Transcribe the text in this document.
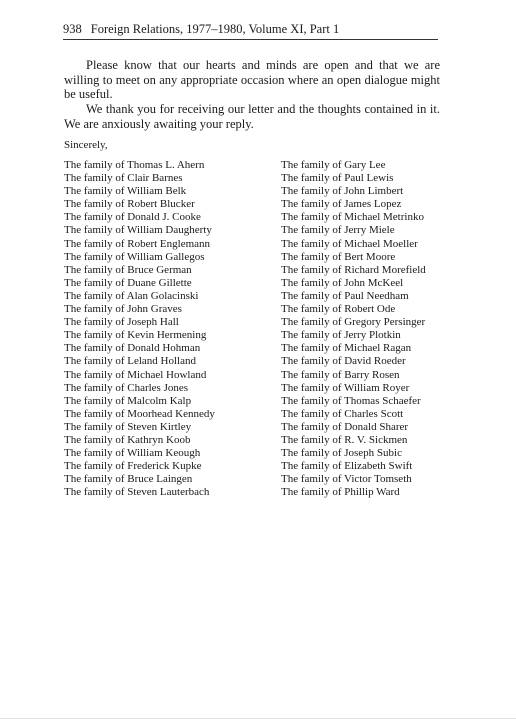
938 Foreign Relations, 1977–1980, Volume XI, Part 1

Please know that our hearts and minds are open and that we are willing to meet on any appropriate occasion where an open dialogue might be useful.

We thank you for receiving our letter and the thoughts contained in it. We are anxiously awaiting your reply.

Sincerely,
The family of Thomas L. Ahern
The family of Clair Barnes
The family of William Belk
The family of Robert Blucker
The family of Donald J. Cooke
The family of William Daugherty
The family of Robert Englemann
The family of William Gallegos
The family of Bruce German
The family of Duane Gillette
The family of Alan Golacinski
The family of John Graves
The family of Joseph Hall
The family of Kevin Hermening
The family of Donald Hohman
The family of Leland Holland
The family of Michael Howland
The family of Charles Jones
The family of Malcolm Kalp
The family of Moorhead Kennedy
The family of Steven Kirtley
The family of Kathryn Koob
The family of William Keough
The family of Frederick Kupke
The family of Bruce Laingen
The family of Steven Lauterbach
The family of Gary Lee
The family of Paul Lewis
The family of John Limbert
The family of James Lopez
The family of Michael Metrinko
The family of Jerry Miele
The family of Michael Moeller
The family of Bert Moore
The family of Richard Morefield
The family of John McKeel
The family of Paul Needham
The family of Robert Ode
The family of Gregory Persinger
The family of Jerry Plotkin
The family of Michael Ragan
The family of David Roeder
The family of Barry Rosen
The family of William Royer
The family of Thomas Schaefer
The family of Charles Scott
The family of Donald Sharer
The family of R. V. Sickmen
The family of Joseph Subic
The family of Elizabeth Swift
The family of Victor Tomseth
The family of Phillip Ward
